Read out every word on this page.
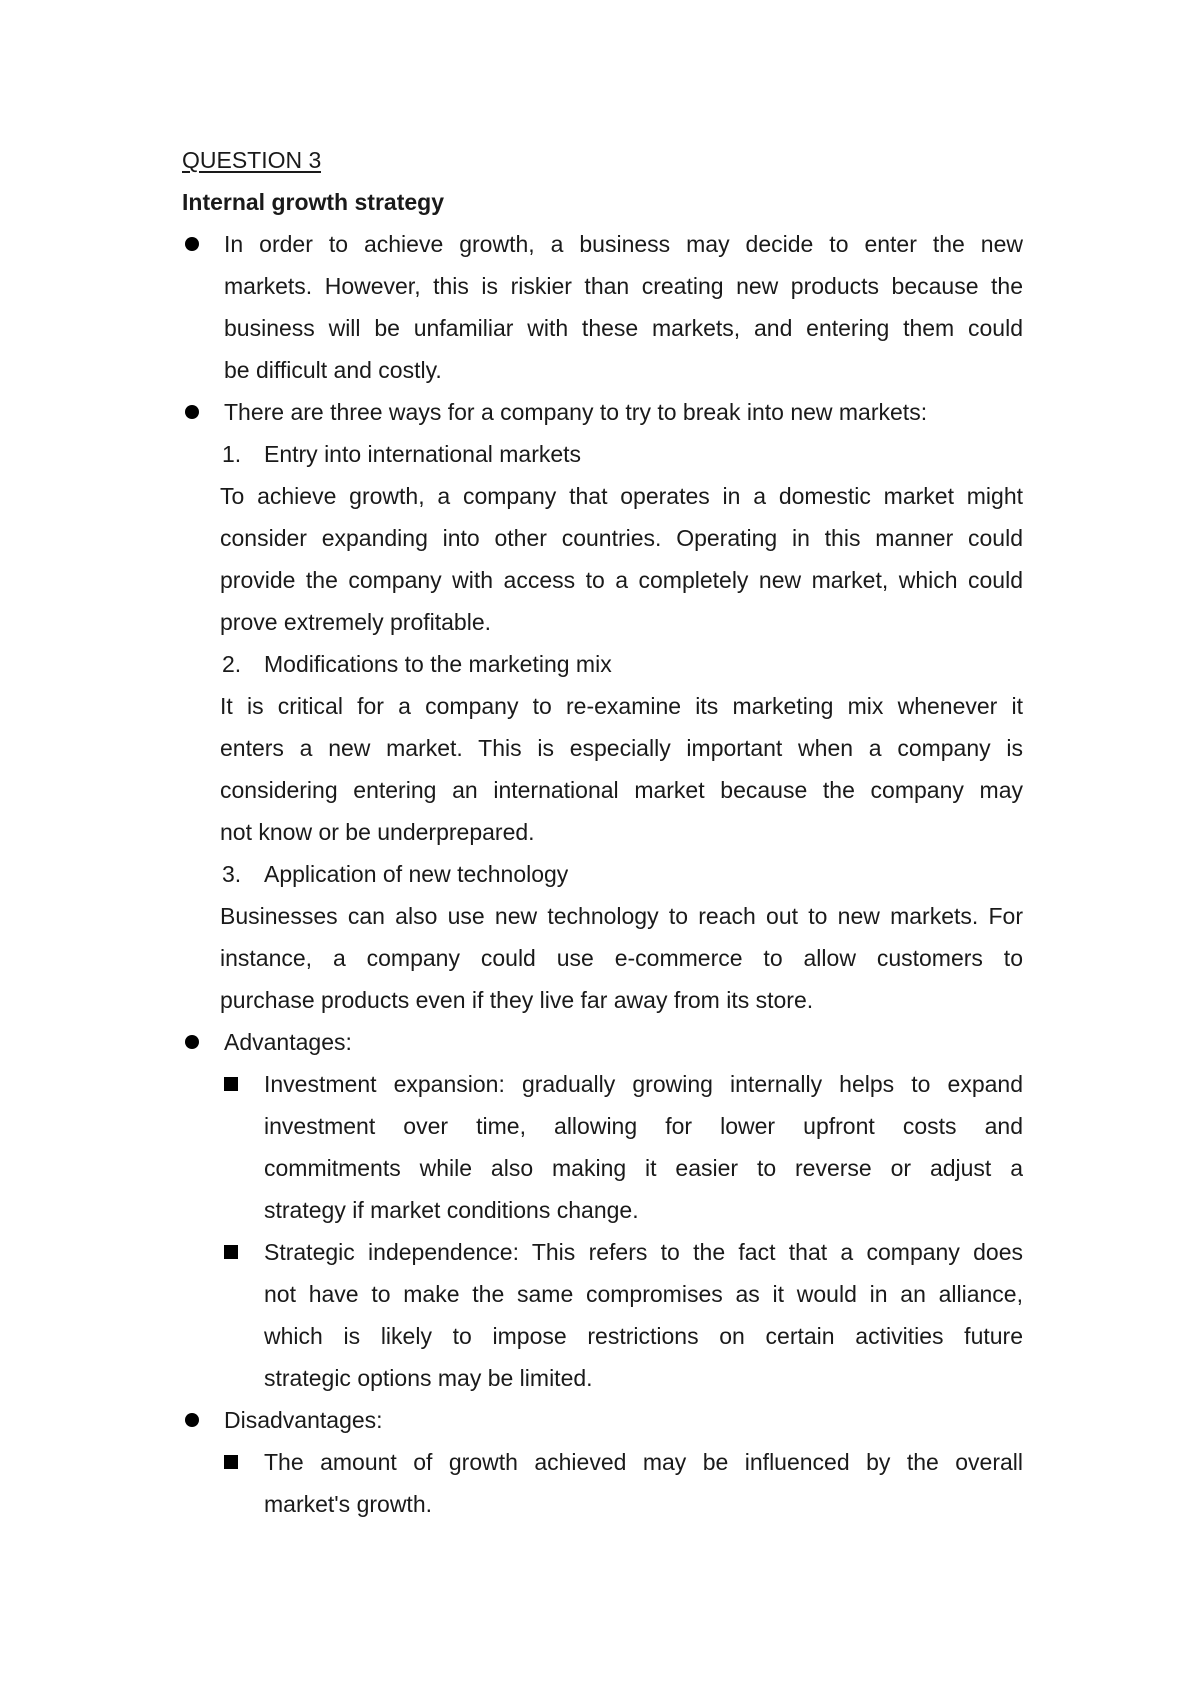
QUESTION 3
Internal growth strategy
In order to achieve growth, a business may decide to enter the new
markets. However, this is riskier than creating new products because the
business will be unfamiliar with these markets, and entering them could
be difficult and costly.
There are three ways for a company to try to break into new markets:
1. Entry into international markets
To achieve growth, a company that operates in a domestic market might
consider expanding into other countries. Operating in this manner could
provide the company with access to a completely new market, which could
prove extremely profitable.
2. Modifications to the marketing mix
It is critical for a company to re-examine its marketing mix whenever it
enters a new market. This is especially important when a company is
considering entering an international market because the company may
not know or be underprepared.
3. Application of new technology
Businesses can also use new technology to reach out to new markets. For
instance, a company could use e-commerce to allow customers to
purchase products even if they live far away from its store.
Advantages:
Investment expansion: gradually growing internally helps to expand
investment over time, allowing for lower upfront costs and
commitments while also making it easier to reverse or adjust a
strategy if market conditions change.
Strategic independence: This refers to the fact that a company does
not have to make the same compromises as it would in an alliance,
which is likely to impose restrictions on certain activities future
strategic options may be limited.
Disadvantages:
The amount of growth achieved may be influenced by the overall
market's growth.
